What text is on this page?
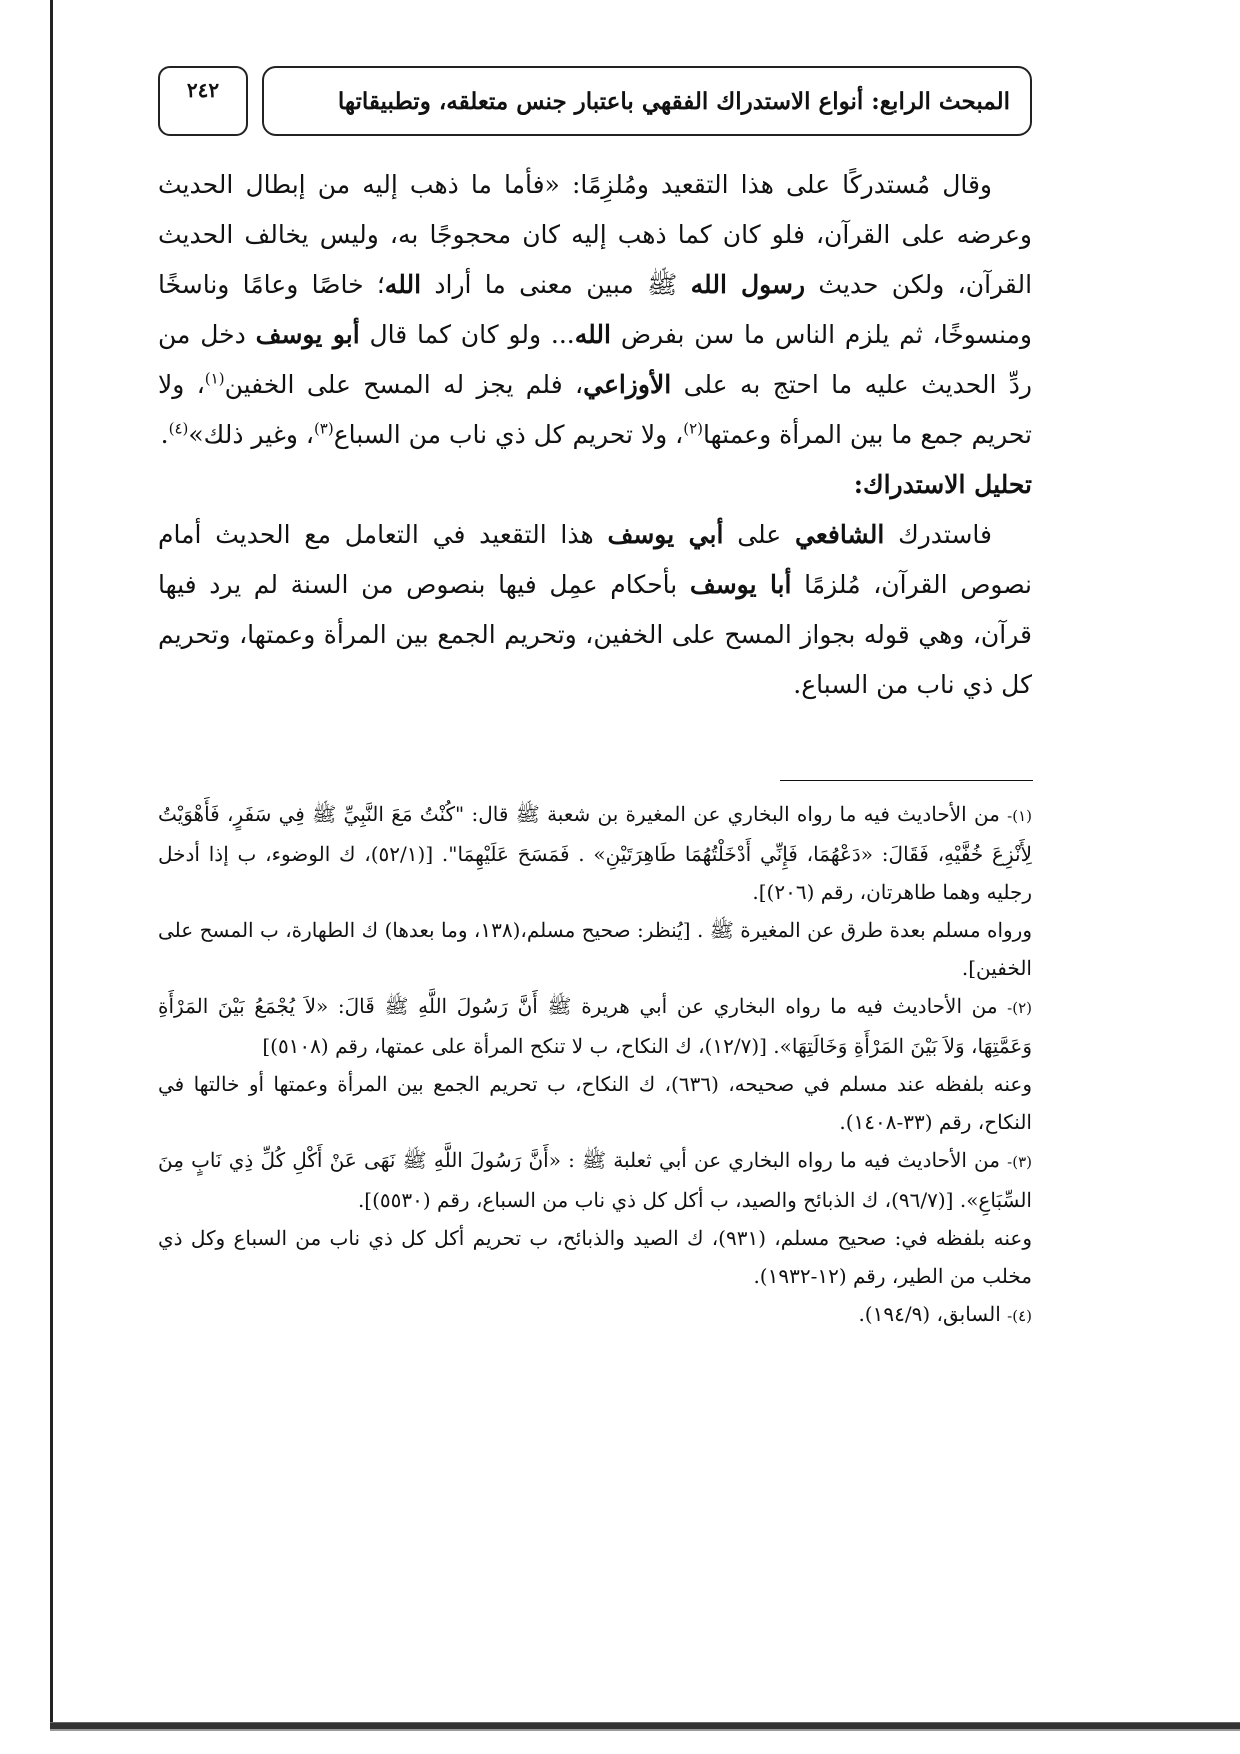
المبحث الرابع: أنواع الاستدراك الفقهي باعتبار جنس متعلقه، وتطبيقاتها
٢٤٢

وقال مُستدركًا على هذا التقعيد ومُلزِمًا: «فأما ما ذهب إليه من إبطال الحديث وعرضه على القرآن، فلو كان كما ذهب إليه كان محجوجًا به، وليس يخالف الحديث القرآن، ولكن حديث رسول الله ﷺ مبين معنى ما أراد الله؛ خاصًا وعامًا وناسخًا ومنسوخًا، ثم يلزم الناس ما سن بفرض الله... ولو كان كما قال أبو يوسف دخل من ردِّ الحديث عليه ما احتج به على الأوزاعي، فلم يجز له المسح على الخفين$^{(١)}$، ولا تحريم جمع ما بين المرأة وعمتها$^{(٢)}$، ولا تحريم كل ذي ناب من السباع$^{(٣)}$، وغير ذلك»$^{(٤)}$.

تحليل الاستدراك:

فاستدرك الشافعي على أبي يوسف هذا التقعيد في التعامل مع الحديث أمام نصوص القرآن، مُلزمًا أبا يوسف بأحكام عمِل فيها بنصوص من السنة لم يرد فيها قرآن، وهي قوله بجواز المسح على الخفين، وتحريم الجمع بين المرأة وعمتها، وتحريم كل ذي ناب من السباع.

(١)- من الأحاديث فيه ما رواه البخاري عن المغيرة بن شعبة ﷺ قال: "كُنْتُ مَعَ النَّبِيِّ ﷺ فِي سَفَرٍ، فَأَهْوَيْتُ لِأَنْزِعَ خُفَّيْهِ، فَقَالَ: «دَعْهُمَا، فَإِنِّي أَدْخَلْتُهُمَا طَاهِرَتَيْنِ» . فَمَسَحَ عَلَيْهِمَا". [(٥٢/١)، ك الوضوء، ب إذا أدخل رجليه وهما طاهرتان، رقم (٢٠٦)].

ورواه مسلم بعدة طرق عن المغيرة ﷺ . [يُنظر: صحيح مسلم،(١٣٨، وما بعدها) ك الطهارة، ب المسح على الخفين].

(٢)- من الأحاديث فيه ما رواه البخاري عن أبي هريرة ﷺ أَنَّ رَسُولَ اللَّهِ ﷺ قَالَ: «لاَ يُجْمَعُ بَيْنَ المَرْأَةِ وَعَمَّتِهَا، وَلاَ بَيْنَ المَرْأَةِ وَخَالَتِهَا». [(١٢/٧)، ك النكاح، ب لا تنكح المرأة على عمتها، رقم (٥١٠٨)]

وعنه بلفظه عند مسلم في صحيحه، (٦٣٦)، ك النكاح، ب تحريم الجمع بين المرأة وعمتها أو خالتها في النكاح، رقم (٣٣-١٤٠٨).

(٣)- من الأحاديث فيه ما رواه البخاري عن أبي ثعلبة ﷺ : «أَنَّ رَسُولَ اللَّهِ ﷺ نَهَى عَنْ أَكْلِ كُلِّ ذِي نَابٍ مِنَ السِّبَاعِ». [(٩٦/٧)، ك الذبائح والصيد، ب أكل كل ذي ناب من السباع، رقم (٥٥٣٠)].

وعنه بلفظه في: صحيح مسلم، (٩٣١)، ك الصيد والذبائح، ب تحريم أكل كل ذي ناب من السباع وكل ذي مخلب من الطير، رقم (١٢-١٩٣٢).

(٤)- السابق، (١٩٤/٩).
